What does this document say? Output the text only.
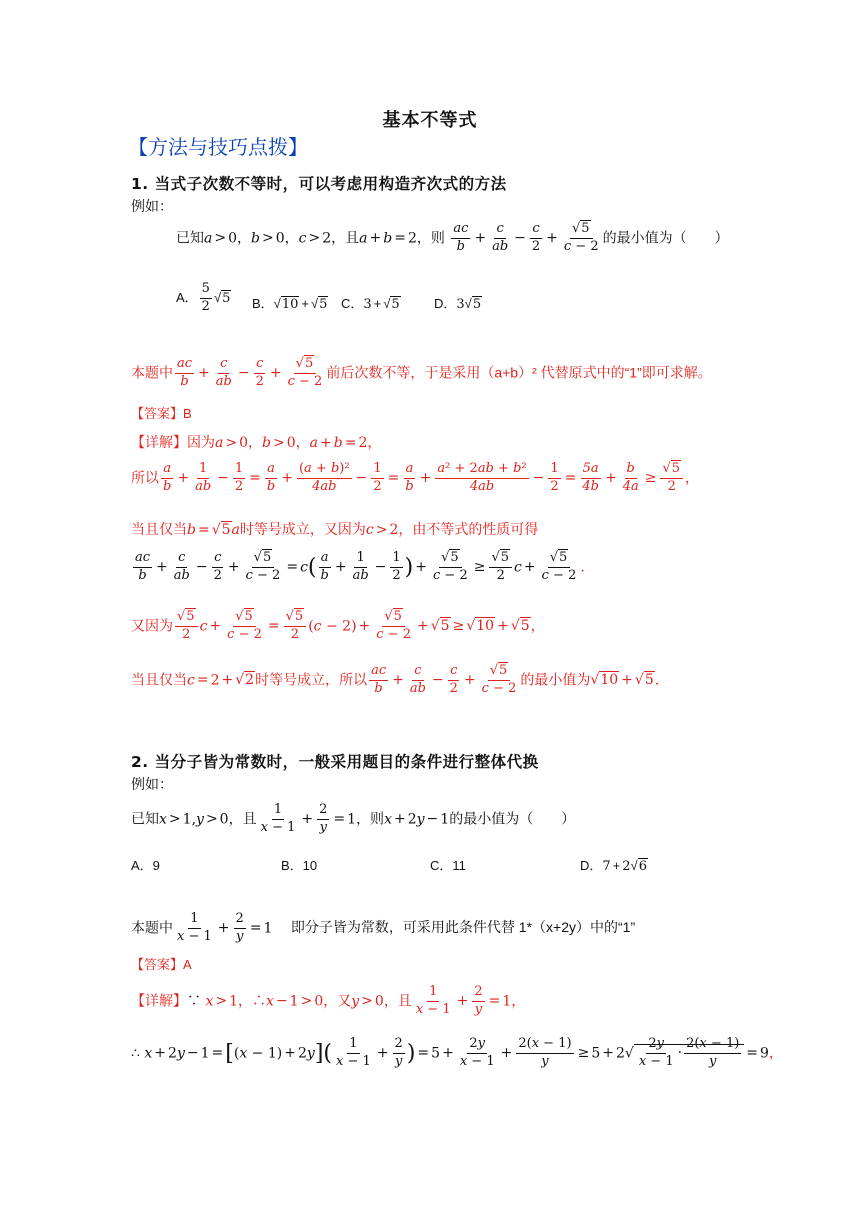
基本不等式
【方法与技巧点拨】
1. 当式子次数不等时，可以考虑用构造齐次式的方法
例如：
已知a > 0，b > 0，c > 2，且a + b = 2，则 $\frac{ac}{b} + \frac{c}{ab} - \frac{c}{2} + \frac{√5}{c - 2}$ 的最小值为（　　）
A． $\frac{5}{2} √5$ B．√10 + √5 C．3 + √5	D．3√5
本题中 $\frac{ac}{b} + \frac{c}{ab} - \frac{c}{2} + \frac{√5}{c - 2}$ 前后次数不等，于是采用（a+b）² 代替原式中的“1”即可求解。
【答案】B
【详解】因为a > 0，b > 0，a + b = 2，
所以 $\frac{a}{b} + \frac{1}{ab} - \frac{1}{2} = \frac{a}{b} + \frac{\text{(a + b)²}}{4ab} - \frac{1}{2} = \frac{a}{b} + \frac{\text{a² + 2ab + b²}}{4ab} - \frac{1}{2} = \frac{5a}{4b} + \frac{b}{4a} \ge \frac{√5}{2}$ ，
当且仅当b = √5a时等号成立，又因为c > 2，由不等式的性质可得
$\frac{ac}{b} + \frac{c}{ab} - \frac{c}{2} + \frac{√5}{c - 2} = c( \frac{a}{b} + \frac{1}{ab} - \frac{1}{2}$ ) + $\frac{√5}{c - 2} \ge \frac{√5}{2}$ $c + \frac{√5}{c - 2}$ .
又因为 $\frac{√5}{2}$ $c + \frac{√5}{c - 2} = \frac{√5}{2} (c - 2) + \frac{√5}{c - 2} + √5 \ge √10 + √5$，
当且仅当c = 2 + √2时等号成立，所以 $\frac{ac}{b} + \frac{c}{ab} - \frac{c}{2} + \frac{√5}{c - 2}$ 的最小值为√10 + √5.
2. 当分子皆为常数时，一般采用题目的条件进行整体代换
例如：
已知x > 1,y > 0，且 $\frac{1}{x - 1} + \frac{2}{y} = 1$，则x + 2y − 1的最小值为（　　）
A．9	B．10	C．11	D．7 + 2√6
本题中 $\frac{1}{x - 1} + \frac{2}{y} = 1$ 即分子皆为常数，可采用此条件代替 1*（x+2y）中的“1”
【答案】A
【详解】∵ x > 1，∴x − 1 > 0，又y > 0，且 $\frac{1}{x - 1} + \frac{2}{y} = 1$，
∴ $x + 2y - 1 =[(x - 1) + 2y]( \frac{1}{x - 1} + \frac{2}{y}$ ) = $5 + \frac{2y}{x - 1} + \frac{2(x - 1)}{y} \ge 5 + 2√ \frac{2y}{x - 1} \cdot \frac{2(x - 1)}{y} = 9$，
